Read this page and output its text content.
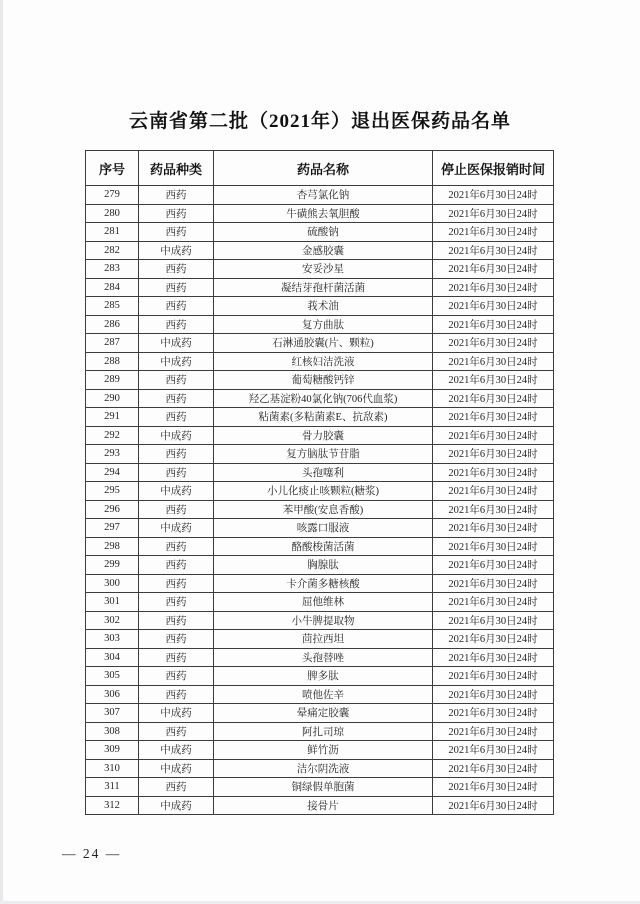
云南省第二批（2021年）退出医保药品名单
序号	药品种类	药品名称	停止医保报销时间
279	西药	杏芎氯化钠	2021年6月30日24时
280	西药	牛磺熊去氧胆酸	2021年6月30日24时
281	西药	硫酸钠	2021年6月30日24时
282	中成药	金感胶囊	2021年6月30日24时
283	西药	安妥沙星	2021年6月30日24时
284	西药	凝结芽孢杆菌活菌	2021年6月30日24时
285	西药	莪术油	2021年6月30日24时
286	西药	复方曲肽	2021年6月30日24时
287	中成药	石淋通胶囊(片、颗粒)	2021年6月30日24时
288	中成药	红核妇洁洗液	2021年6月30日24时
289	西药	葡萄糖酸钙锌	2021年6月30日24时
290	西药	羟乙基淀粉40氯化钠(706代血浆)	2021年6月30日24时
291	西药	粘菌素(多粘菌素E、抗敌素)	2021年6月30日24时
292	中成药	骨力胶囊	2021年6月30日24时
293	西药	复方脑肽节苷脂	2021年6月30日24时
294	西药	头孢噻利	2021年6月30日24时
295	中成药	小儿化痰止咳颗粒(糖浆)	2021年6月30日24时
296	西药	苯甲酸(安息香酸)	2021年6月30日24时
297	中成药	咳露口服液	2021年6月30日24时
298	西药	酪酸梭菌活菌	2021年6月30日24时
299	西药	胸腺肽	2021年6月30日24时
300	西药	卡介菌多糖核酸	2021年6月30日24时
301	西药	屈他维林	2021年6月30日24时
302	西药	小牛脾提取物	2021年6月30日24时
303	西药	茴拉西坦	2021年6月30日24时
304	西药	头孢替唑	2021年6月30日24时
305	西药	脾多肽	2021年6月30日24时
306	西药	喷他佐辛	2021年6月30日24时
307	中成药	晕痛定胶囊	2021年6月30日24时
308	西药	阿扎司琼	2021年6月30日24时
309	中成药	鲜竹沥	2021年6月30日24时
310	中成药	洁尔阴洗液	2021年6月30日24时
311	西药	铜绿假单胞菌	2021年6月30日24时
312	中成药	接骨片	2021年6月30日24时
— 24 —
